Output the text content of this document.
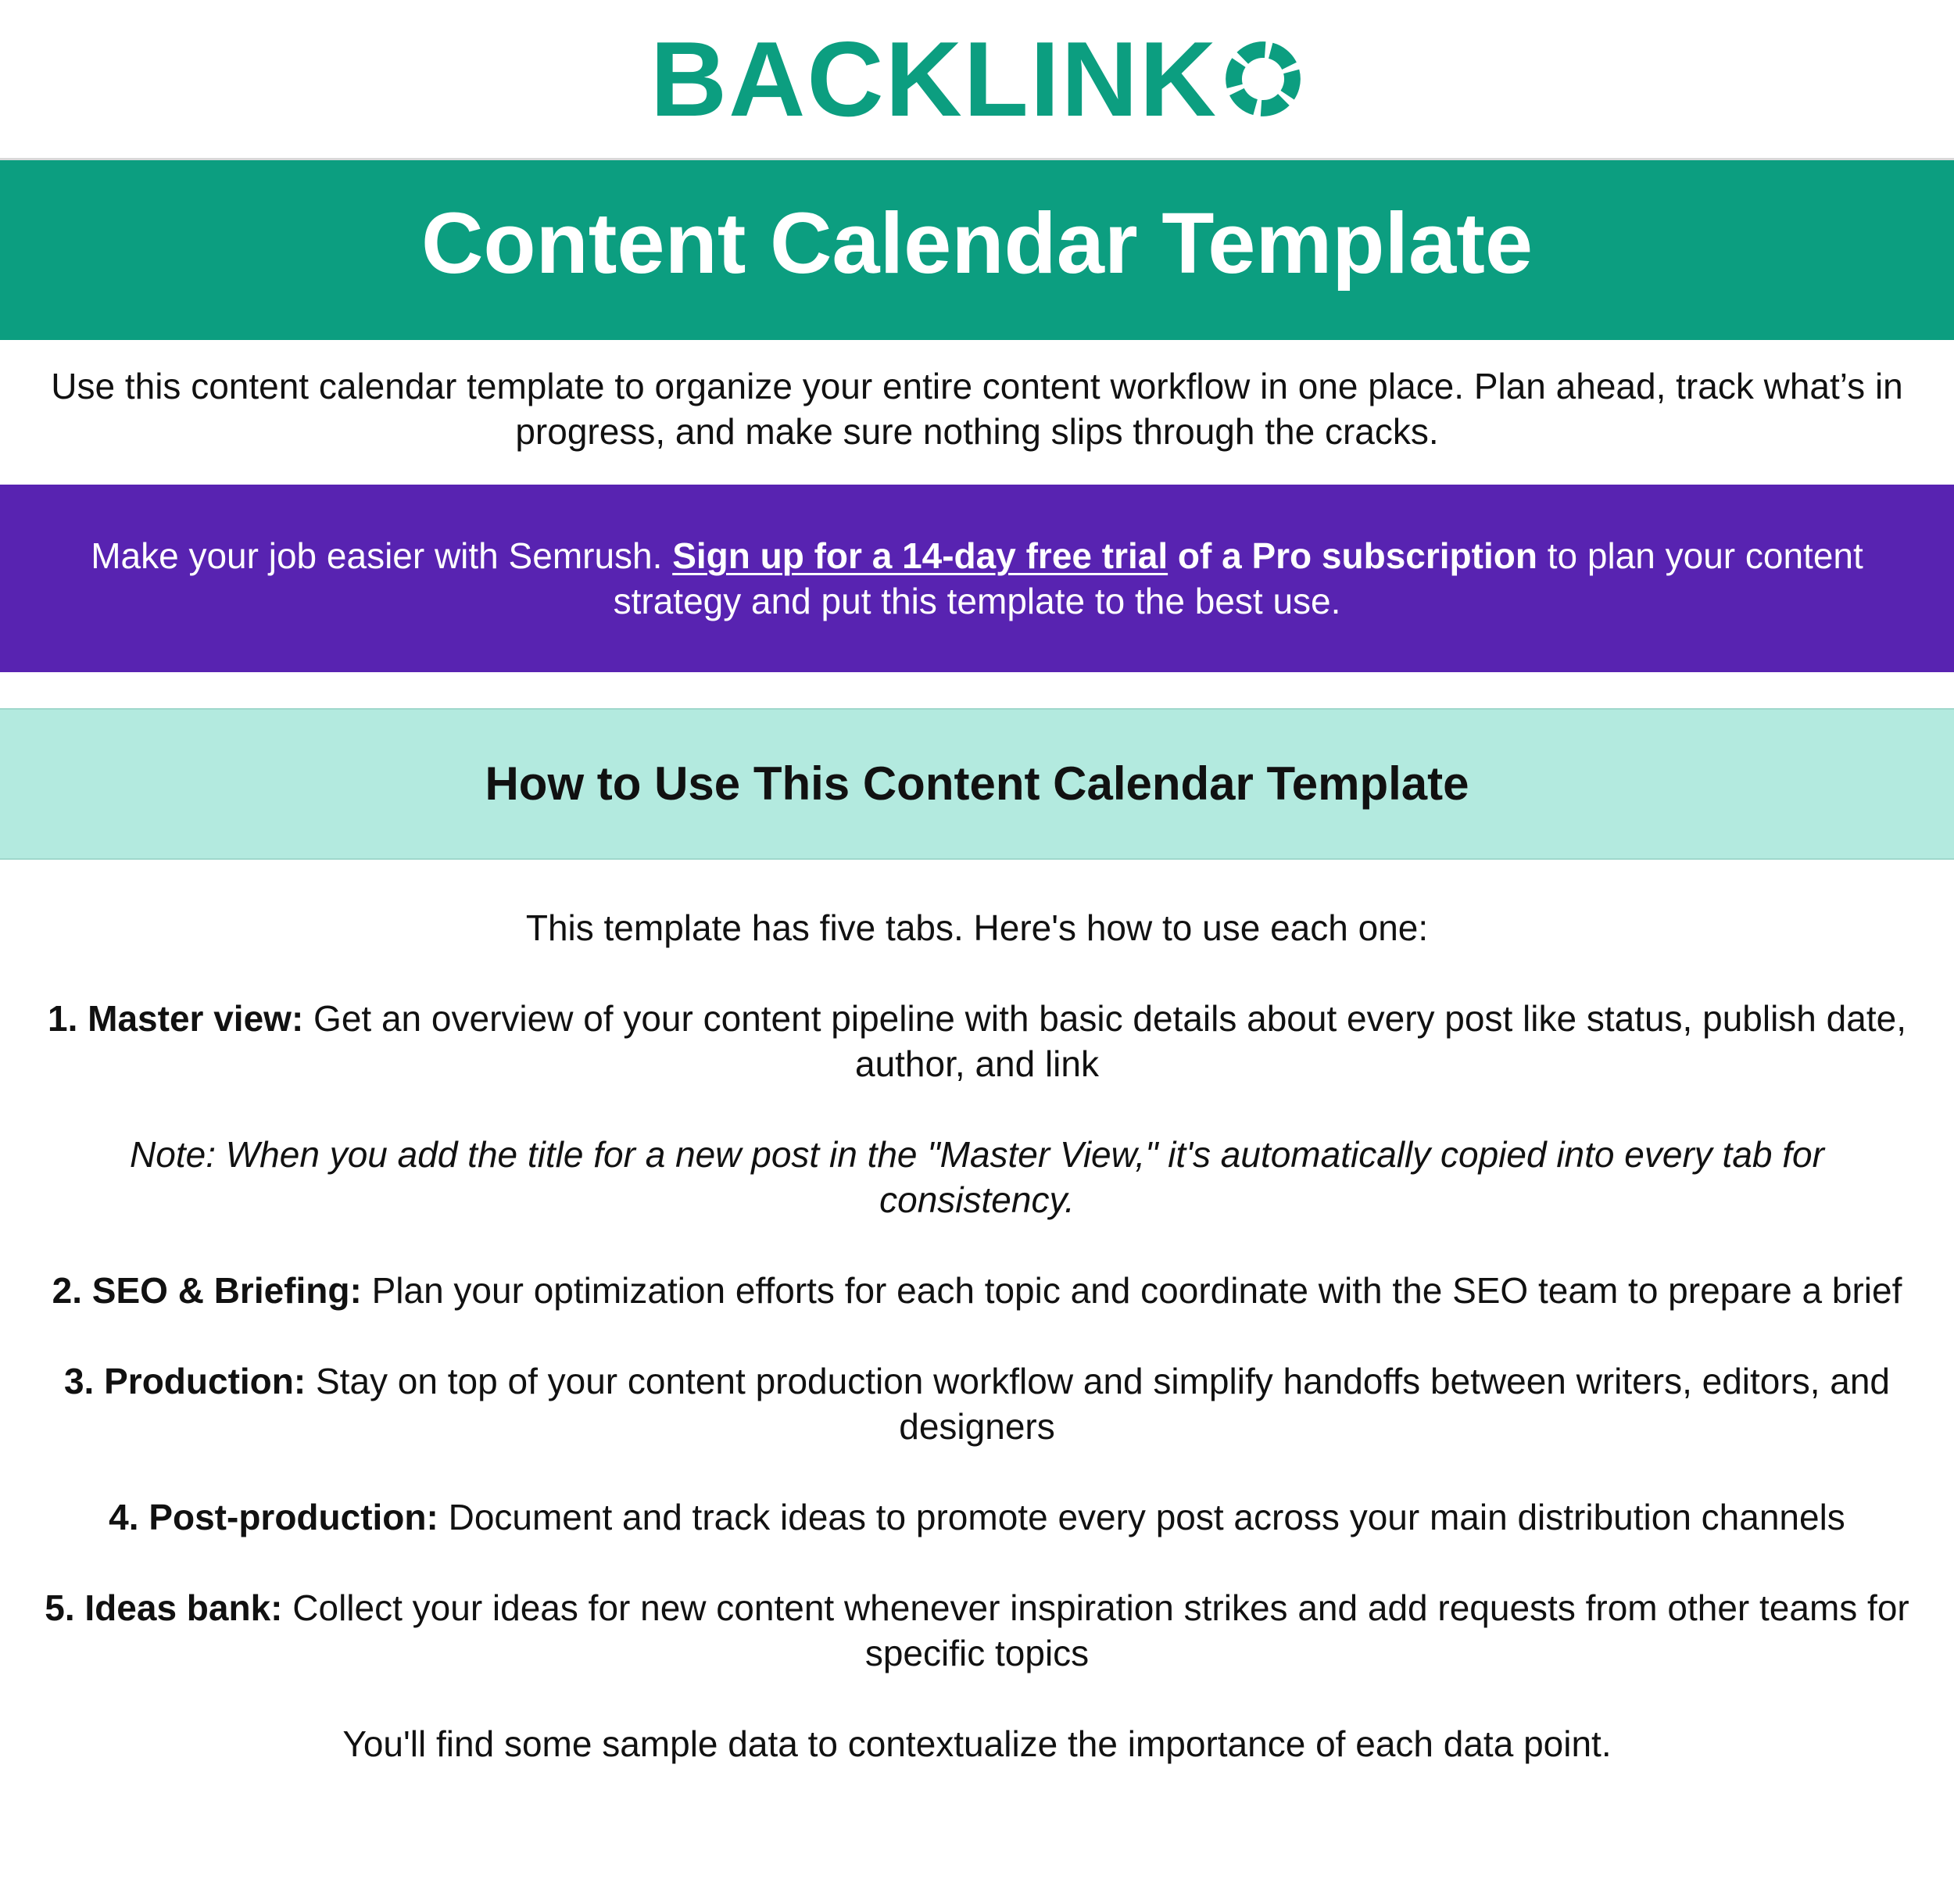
BACKLINK
Content Calendar Template
Use this content calendar template to organize your entire content workflow in one place. Plan ahead, track what’s in progress, and make sure nothing slips through the cracks.

Make your job easier with Semrush. Sign up for a 14-day free trial of a Pro subscription to plan your content strategy and put this template to the best use.

How to Use This Content Calendar Template

This template has five tabs. Here's how to use each one:

1. Master view: Get an overview of your content pipeline with basic details about every post like status, publish date, author, and link

Note: When you add the title for a new post in the "Master View," it's automatically copied into every tab for consistency.

2. SEO & Briefing: Plan your optimization efforts for each topic and coordinate with the SEO team to prepare a brief

3. Production: Stay on top of your content production workflow and simplify handoffs between writers, editors, and designers

4. Post-production: Document and track ideas to promote every post across your main distribution channels

5. Ideas bank: Collect your ideas for new content whenever inspiration strikes and add requests from other teams for specific topics

You'll find some sample data to contextualize the importance of each data point.
